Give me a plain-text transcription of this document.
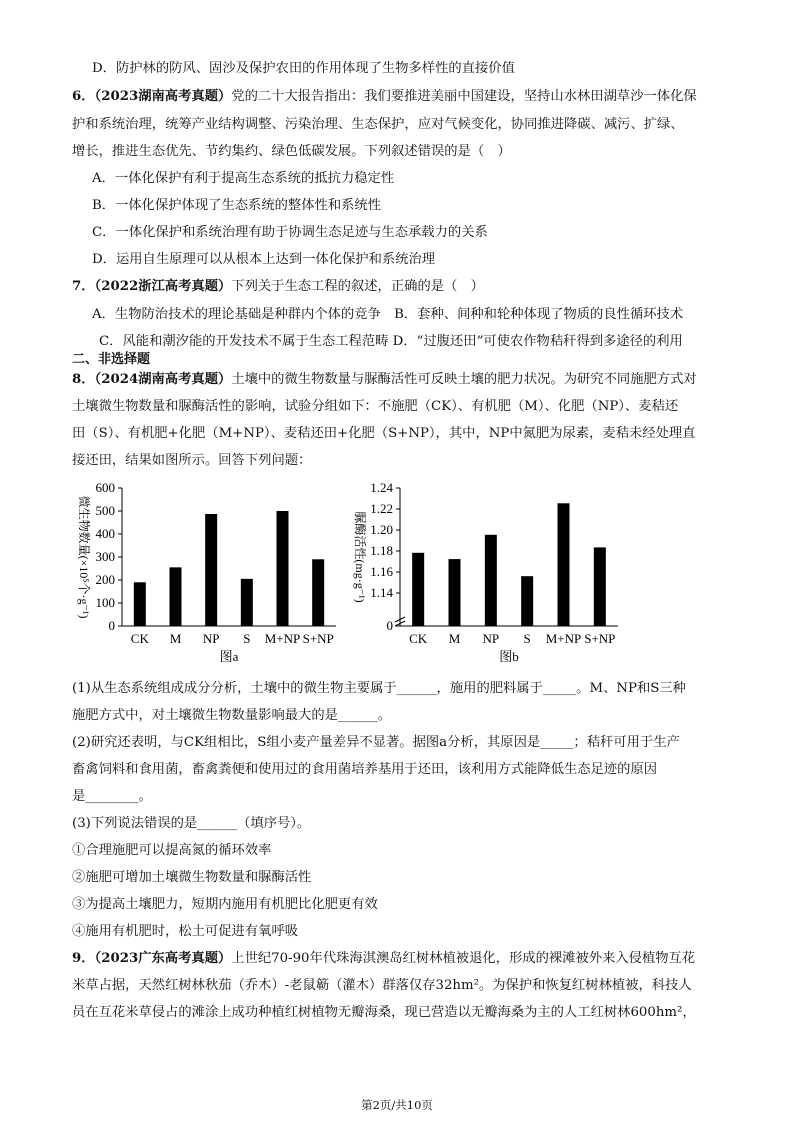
D．防护林的防风、固沙及保护农田的作用体现了生物多样性的直接价值
6．（2023湖南高考真题）党的二十大报告指出：我们要推进美丽中国建设，坚持山水林田湖草沙一体化保
护和系统治理，统筹产业结构调整、污染治理、生态保护，应对气候变化，协同推进降碳、减污、扩绿、
增长，推进生态优先、节约集约、绿色低碳发展。下列叙述错误的是（　）
A．一体化保护有利于提高生态系统的抵抗力稳定性
B．一体化保护体现了生态系统的整体性和系统性
C．一体化保护和系统治理有助于协调生态足迹与生态承载力的关系
D．运用自生原理可以从根本上达到一体化保护和系统治理
7．（2022浙江高考真题）下列关于生态工程的叙述，正确的是（　）
A．生物防治技术的理论基础是种群内个体的竞争　B．套种、间种和轮种体现了物质的良性循环技术
C．风能和潮汐能的开发技术不属于生态工程范畴 D．“过腹还田”可使农作物秸秆得到多途径的利用
二、非选择题
8．（2024湖南高考真题）土壤中的微生物数量与脲酶活性可反映土壤的肥力状况。为研究不同施肥方式对
土壤微生物数量和脲酶活性的影响，试验分组如下：不施肥（CK）、有机肥（M）、化肥（NP）、麦秸还
田（S）、有机肥+化肥（M+NP）、麦秸还田+化肥（S+NP），其中，NP中氮肥为尿素，麦秸未经处理直
接还田，结果如图所示。回答下列问题：
0
100
200
300
400
500
600
CK M NP S M+NP S+NP
图a
微生物数量(×10⁵个·g⁻¹)
0
1.14
1.16
1.18
1.20
1.22
1.24
CK M NP S M+NP S+NP
图b
脲酶活性(mg·g⁻¹)
(1)从生态系统组成成分分析，土壤中的微生物主要属于______，施用的肥料属于_____。M、NP和S三种
施肥方式中，对土壤微生物数量影响最大的是______。
(2)研究还表明，与CK组相比，S组小麦产量差异不显著。据图a分析，其原因是_____；秸秆可用于生产
畜禽饲料和食用菌，畜禽粪便和使用过的食用菌培养基用于还田，该利用方式能降低生态足迹的原因
是________。
(3)下列说法错误的是______（填序号）。
①合理施肥可以提高氮的循环效率
②施肥可增加土壤微生物数量和脲酶活性
③为提高土壤肥力，短期内施用有机肥比化肥更有效
④施用有机肥时，松土可促进有氧呼吸
9．（2023广东高考真题）上世纪70-90年代珠海淇澳岛红树林植被退化，形成的裸滩被外来入侵植物互花
米草占据，天然红树林秋茄（乔木）-老鼠簕（灌木）群落仅存32hm²。为保护和恢复红树林植被，科技人
员在互花米草侵占的滩涂上成功种植红树植物无瓣海桑，现已营造以无瓣海桑为主的人工红树林600hm²，
第2页/共10页
